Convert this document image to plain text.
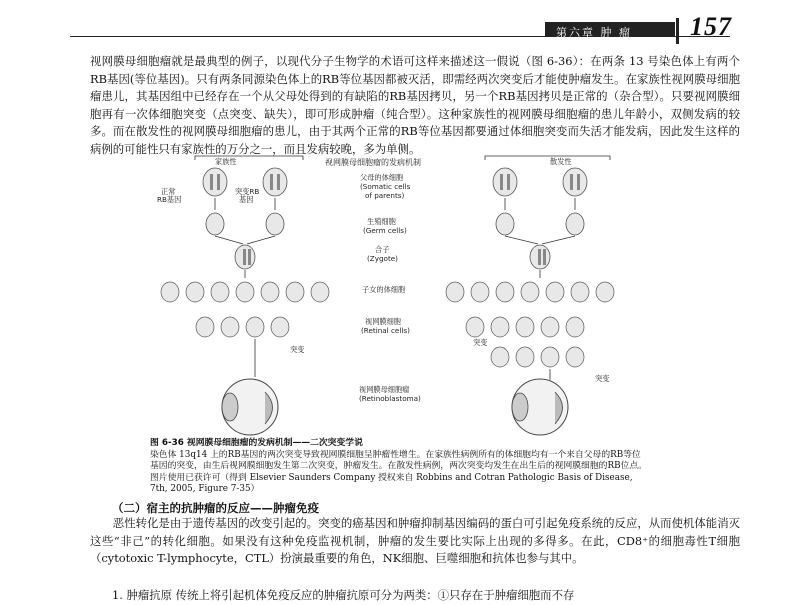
第六章 肿 瘤 157

视网膜母细胞瘤就是最典型的例子，以现代分子生物学的术语可这样来描述这一假说（图 6-36）：在两条 13 号染色体上有两个RB基因(等位基因)。只有两条同源染色体上的RB等位基因都被灭活，即需经两次突变后才能使肿瘤发生。在家族性视网膜母细胞瘤患儿，其基因组中已经存在一个从父母处得到的有缺陷的RB基因拷贝，另一个RB基因拷贝是正常的（杂合型）。只要视网膜细胞再有一次体细胞突变（点突变、缺失），即可形成肿瘤（纯合型）。这种家族性的视网膜母细胞瘤的患儿年龄小，双侧发病的较多。而在散发性的视网膜母细胞瘤的患儿，由于其两个正常的RB等位基因都要通过体细胞突变而失活才能发病，因此发生这样的病例的可能性只有家族性的万分之一，而且发病较晚，多为单侧。

视网膜母细胞瘤的发病机制
家族性	散发性
父母的体细胞
(Somatic cells
of parents)
生殖细胞
(Germ cells)
合子
(Zygote)
子女的体细胞
视网膜细胞
(Retinal cells)
视网膜母细胞瘤
(Retinoblastoma)
正常
RB基因
突变RB
基因
突变
突变
突变
图 6-36 视网膜母细胞瘤的发病机制——二次突变学说
染色体 13q14 上的RB基因的两次突变导致视网膜细胞呈肿瘤性增生。在家族性病例所有的体细胞均有一个来自父母的RB等位基因的突变，由生后视网膜细胞发生第二次突变，肿瘤发生。在散发性病例，两次突变均发生在出生后的视网膜细胞的RB位点。图片使用已获许可（得到 Elsevier Saunders Company 授权来自 Robbins and Cotran Pathologic Basis of Disease, 7th, 2005, Figure 7-35）
（二）宿主的抗肿瘤的反应——肿瘤免疫

恶性转化是由于遗传基因的改变引起的。突变的癌基因和肿瘤抑制基因编码的蛋白可引起免疫系统的反应，从而使机体能消灭这些“非己”的转化细胞。如果没有这种免疫监视机制，肿瘤的发生要比实际上出现的多得多。在此，CD8⁺的细胞毒性T细胞（cytotoxic T-lymphocyte，CTL）扮演最重要的角色，NK细胞、巨噬细胞和抗体也参与其中。

1. 肿瘤抗原 传统上将引起机体免疫反应的肿瘤抗原可分为两类：①只存在于肿瘤细胞而不存
